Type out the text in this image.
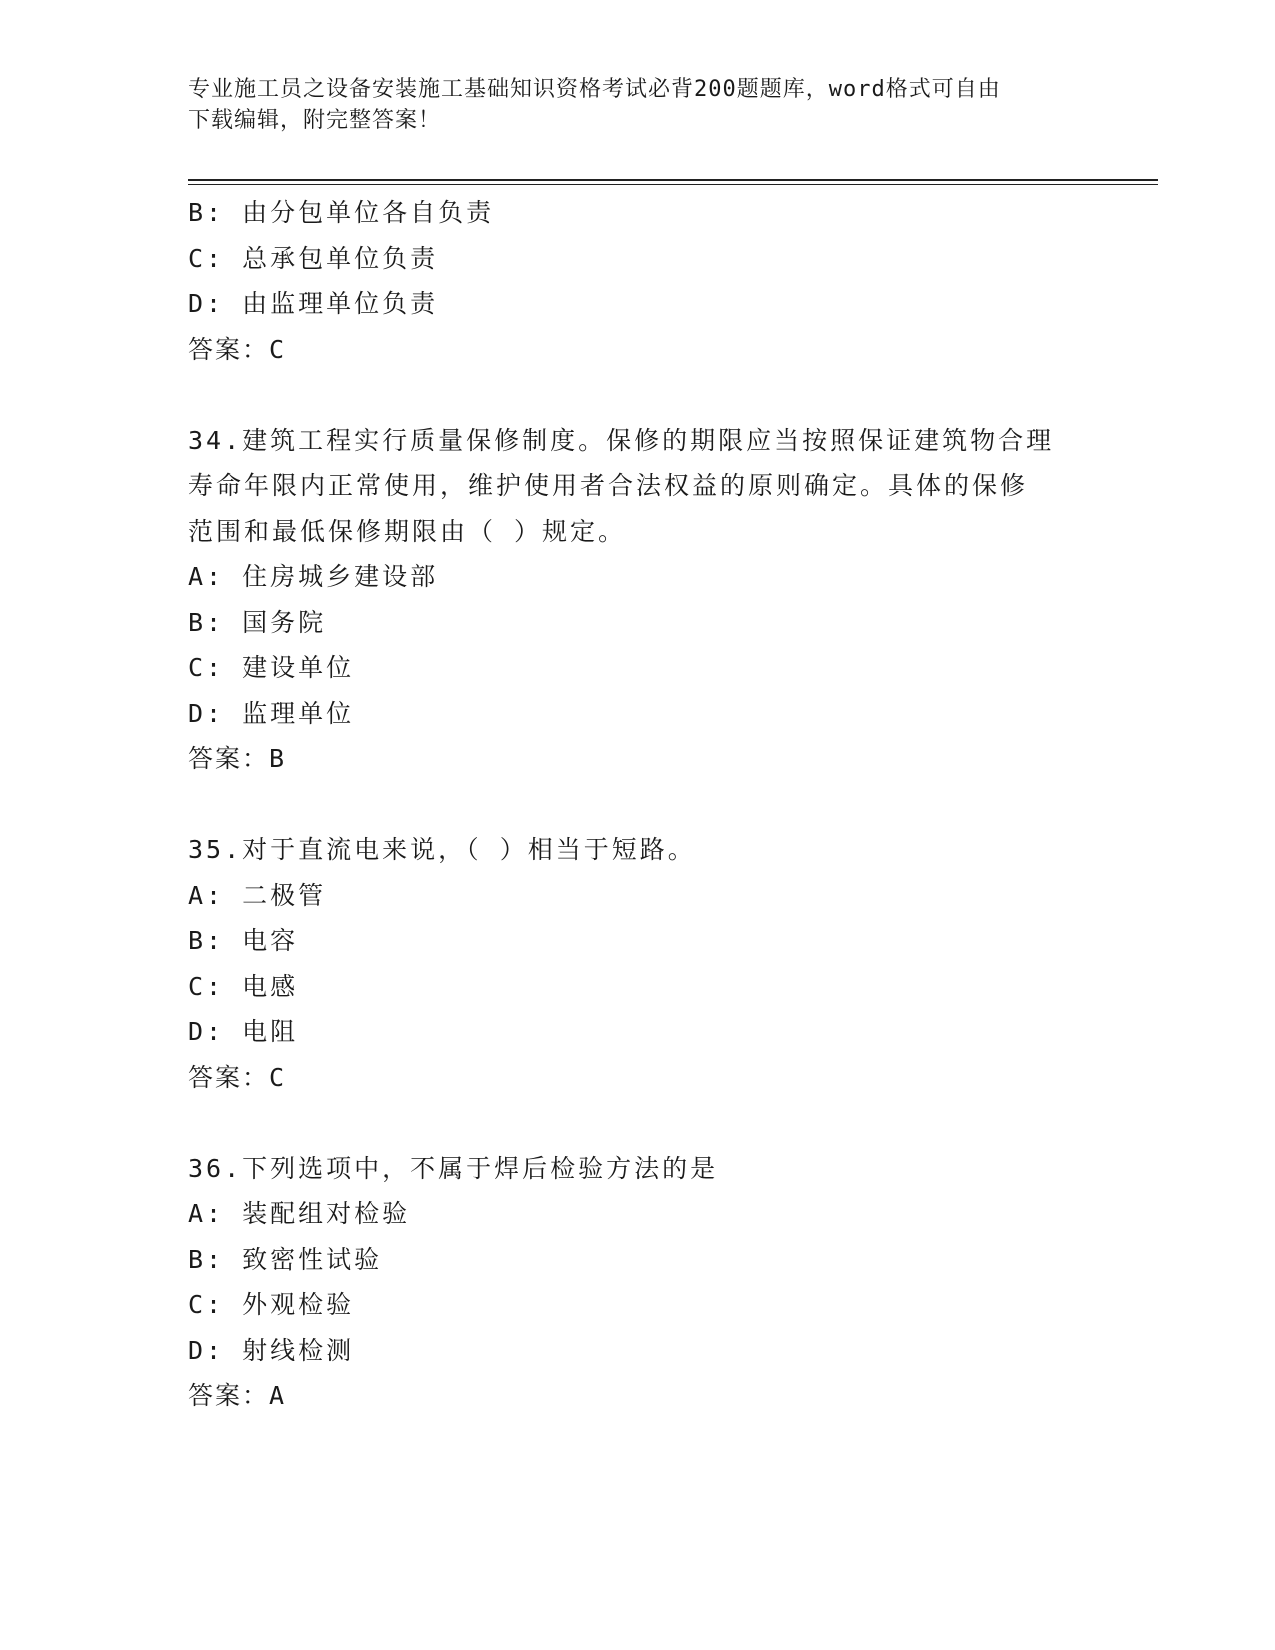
专业施工员之设备安装施工基础知识资格考试必背200题题库，word格式可自由
下载编辑，附完整答案！
B: 由分包单位各自负责
C: 总承包单位负责
D: 由监理单位负责
答案：C
34.建筑工程实行质量保修制度。保修的期限应当按照保证建筑物合理
寿命年限内正常使用，维护使用者合法权益的原则确定。具体的保修
范围和最低保修期限由（ ）规定。
A: 住房城乡建设部
B: 国务院
C: 建设单位
D: 监理单位
答案：B
35.对于直流电来说，（ ）相当于短路。
A: 二极管
B: 电容
C: 电感
D: 电阻
答案：C
36.下列选项中，不属于焊后检验方法的是
A: 装配组对检验
B: 致密性试验
C: 外观检验
D: 射线检测
答案：A
